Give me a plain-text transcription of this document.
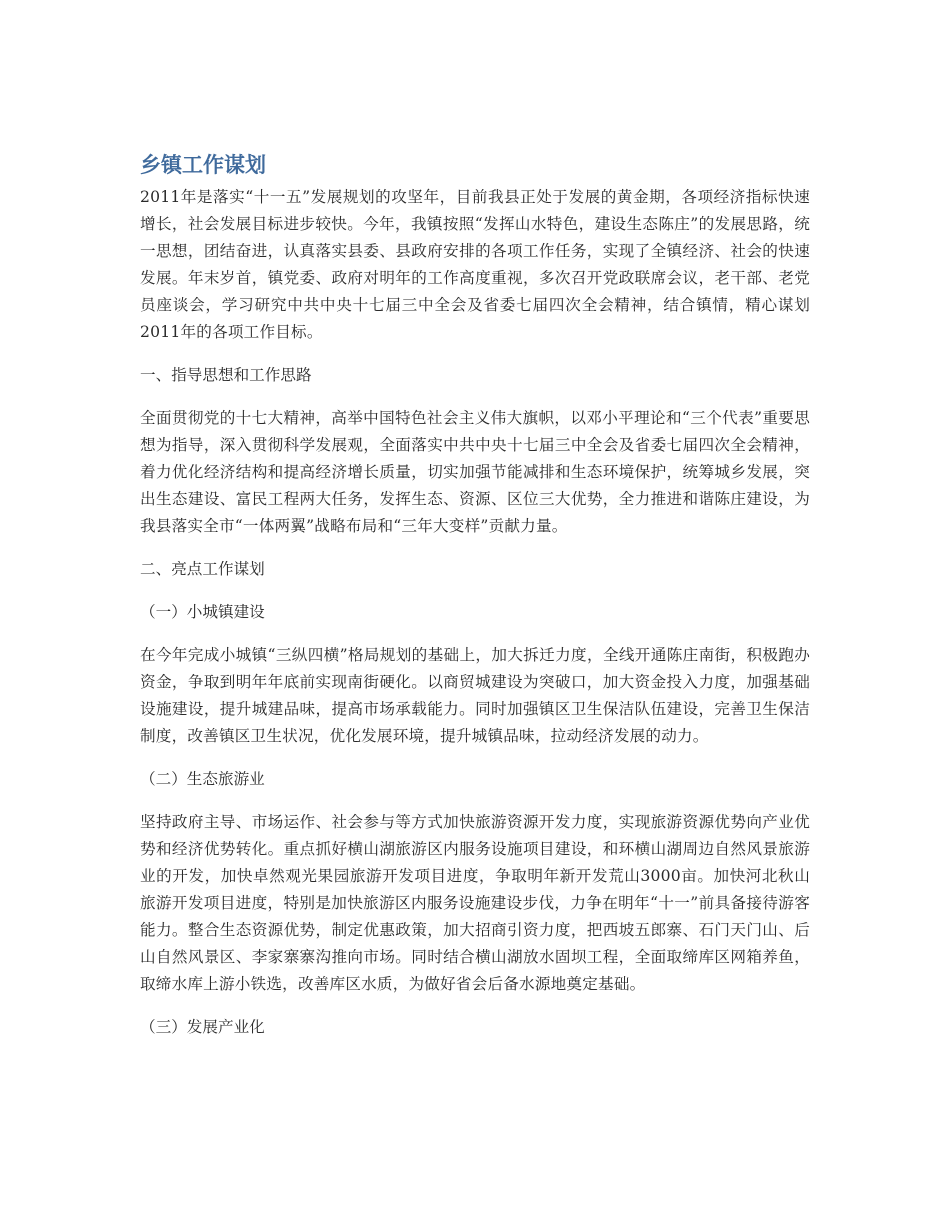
乡镇工作谋划

2011年是落实“十一五”发展规划的攻坚年，目前我县正处于发展的黄金期，各项经济指标快速增长，社会发展目标进步较快。今年，我镇按照“发挥山水特色，建设生态陈庄”的发展思路，统一思想，团结奋进，认真落实县委、县政府安排的各项工作任务，实现了全镇经济、社会的快速发展。年末岁首，镇党委、政府对明年的工作高度重视，多次召开党政联席会议，老干部、老党员座谈会，学习研究中共中央十七届三中全会及省委七届四次全会精神，结合镇情，精心谋划2011年的各项工作目标。

一、指导思想和工作思路

全面贯彻党的十七大精神，高举中国特色社会主义伟大旗帜，以邓小平理论和“三个代表”重要思想为指导，深入贯彻科学发展观，全面落实中共中央十七届三中全会及省委七届四次全会精神，着力优化经济结构和提高经济增长质量，切实加强节能减排和生态环境保护，统筹城乡发展，突出生态建设、富民工程两大任务，发挥生态、资源、区位三大优势，全力推进和谐陈庄建设，为我县落实全市“一体两翼”战略布局和“三年大变样”贡献力量。

二、亮点工作谋划

（一）小城镇建设

在今年完成小城镇“三纵四横”格局规划的基础上，加大拆迁力度，全线开通陈庄南街，积极跑办资金，争取到明年年底前实现南街硬化。以商贸城建设为突破口，加大资金投入力度，加强基础设施建设，提升城建品味，提高市场承载能力。同时加强镇区卫生保洁队伍建设，完善卫生保洁制度，改善镇区卫生状况，优化发展环境，提升城镇品味，拉动经济发展的动力。

（二）生态旅游业

坚持政府主导、市场运作、社会参与等方式加快旅游资源开发力度，实现旅游资源优势向产业优势和经济优势转化。重点抓好横山湖旅游区内服务设施项目建设，和环横山湖周边自然风景旅游业的开发，加快卓然观光果园旅游开发项目进度，争取明年新开发荒山3000亩。加快河北秋山旅游开发项目进度，特别是加快旅游区内服务设施建设步伐，力争在明年“十一”前具备接待游客能力。整合生态资源优势，制定优惠政策，加大招商引资力度，把西坡五郎寨、石门天门山、后山自然风景区、李家寨寨沟推向市场。同时结合横山湖放水固坝工程，全面取缔库区网箱养鱼，取缔水库上游小铁选，改善库区水质，为做好省会后备水源地奠定基础。

（三）发展产业化
